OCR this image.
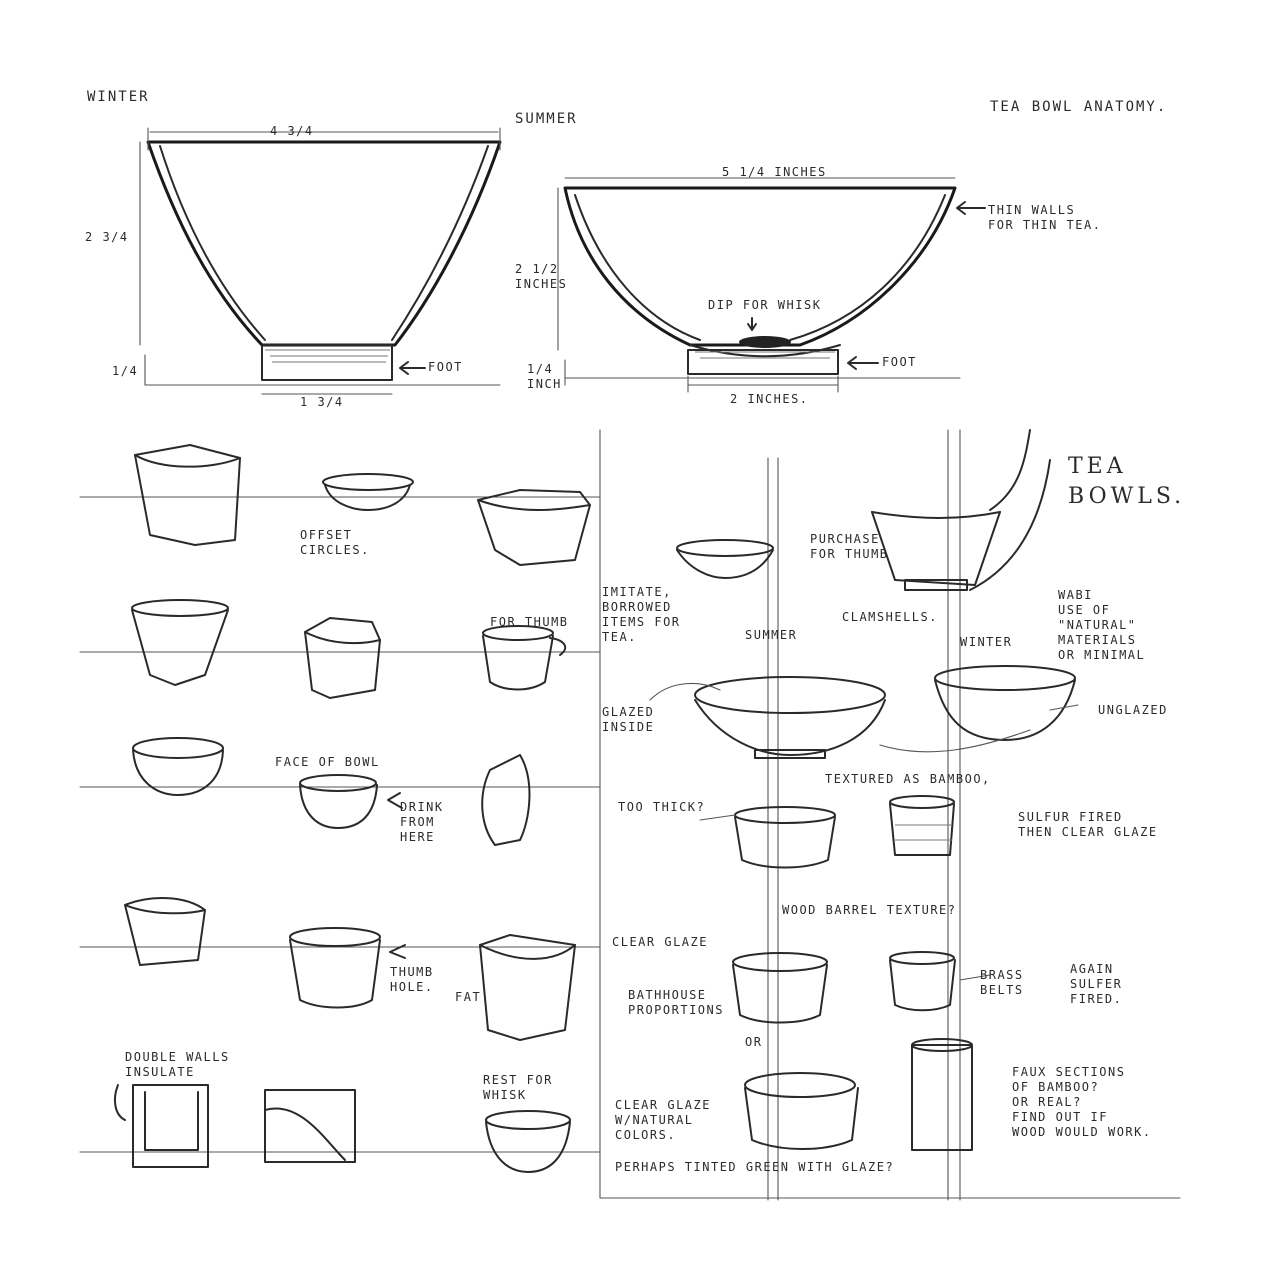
WINTER
SUMMER
TEA BOWL ANATOMY.
4 3/4
2 3/4
1/4
1 3/4
FOOT
5 1/4 INCHES
2 1/2
INCHES
1/4
INCH
2 INCHES.
FOOT
THIN WALLS
FOR THIN TEA.
DIP FOR WHISK
OFFSET
CIRCLES.
FOR THUMB
FACE OF BOWL
DRINK
FROM
HERE
THUMB
HOLE.
FAT
DOUBLE WALLS
INSULATE
REST FOR
WHISK
TEA
BOWLS.
PURCHASE
FOR THUMB
IMITATE,
BORROWED
ITEMS FOR
TEA.	SUMMER
CLAMSHELLS.
WINTER
WABI
USE OF
"NATURAL"
MATERIALS
OR MINIMAL
GLAZED
INSIDE
UNGLAZED
TEXTURED AS BAMBOO,
TOO THICK?
SULFUR FIRED
THEN CLEAR GLAZE
WOOD BARREL TEXTURE?
CLEAR GLAZE
BATHHOUSE
PROPORTIONS
OR
BRASS
BELTS
AGAIN
SULFER
FIRED.
CLEAR GLAZE
W/NATURAL
COLORS.
FAUX SECTIONS
OF BAMBOO?
OR REAL?
FIND OUT IF
WOOD WOULD WORK.
PERHAPS TINTED GREEN WITH GLAZE?
